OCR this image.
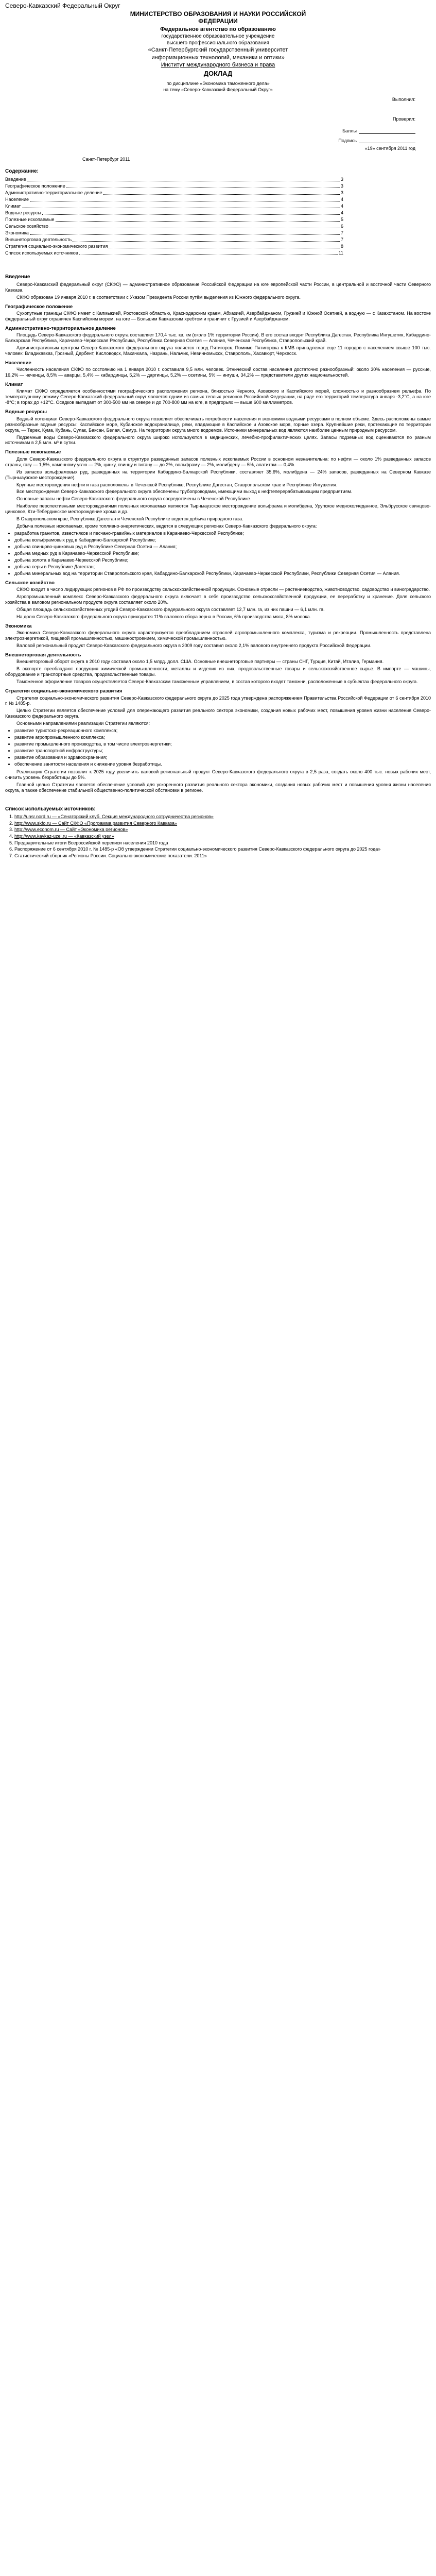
Северо-Кавказский Федеральный Округ
МИНИСТЕРСТВО ОБРАЗОВАНИЯ И НАУКИ РОССИЙСКОЙ
ФЕДЕРАЦИИ
Федеральное агентство по образованию
государственное образовательное учреждение
высшего профессионального образования
«Санкт-Петербургский государственный университет
информационных технологий, механики и оптики»
Институт международного бизнеса и права
ДОКЛАД
по дисциплине «Экономика таможенного дела»
на тему «Северо-Кавказский Федеральный Округ»
Выполнил:
Проверил:
Баллы
Подпись
«19» сентября 2011 год
Санкт-Петербург 2011
Содержание:
Введение	3
Географическое положение	3
Административно-территориальное деление	3
Население	4
Климат	4
Водные ресурсы	4
Полезные ископаемые	5
Сельское хозяйство	6
Экономика	7
Внешнеторговая деятельность	7
Стратегия социально-экономического развития	8
Список используемых источников	11
Введение

Северо-Кавказский федеральный округ (СКФО) — административное образование Российской Федерации на юге европейской части России, в центральной и восточной части Северного Кавказа.

СКФО образован 19 января 2010 г. в соответствии с Указом Президента России путём выделения из Южного федерального округа.

Географическое положение

Сухопутные границы СКФО имеет с Калмыкией, Ростовской областью, Краснодарским краем, Абхазией, Азербайджаном, Грузией и Южной Осетией, а водную — с Казахстаном. На востоке федеральный округ ограничен Каспийским морем, на юге — Большим Кавказским хребтом и граничит с Грузией и Азербайджаном.

Административно-территориальное деление

Площадь Северо-Кавказского федерального округа составляет 170,4 тыс. кв. км (около 1% территории России). В его состав входят Республика Дагестан, Республика Ингушетия, Кабардино-Балкарская Республика, Карачаево-Черкесская Республика, Республика Северная Осетия — Алания, Чеченская Республика, Ставропольский край.

Административным центром Северо-Кавказского федерального округа является город Пятигорск. Помимо Пятигорска к КМВ принадлежат еще 11 городов с населением свыше 100 тыс. человек: Владикавказ, Грозный, Дербент, Кисловодск, Махачкала, Назрань, Нальчик, Невинномысск, Ставрополь, Хасавюрт, Черкесск.

Население

Численность населения СКФО по состоянию на 1 января 2010 г. составила 9,5 млн. человек. Этнический состав населения достаточно разнообразный: около 30% населения — русские, 16,2% — чеченцы, 8,5% — аварцы, 5,4% — кабардинцы, 5,2% — даргинцы, 5,2% — осетины, 5% — ингуши, 34,2% — представители других национальностей.

Климат

Климат СКФО определяется особенностями географического расположения региона, близостью Черного, Азовского и Каспийского морей, сложностью и разнообразием рельефа. По температурному режиму Северо-Кавказский федеральный округ является одним из самых теплых регионов Российской Федерации, на ряде его территорий температура января -3,2°С, а на юге -8°С; в горах до +12°С. Осадков выпадает от 300-500 мм на севере и до 700-800 мм на юге, в предгорьях — выше 600 миллиметров.

Водные ресурсы

Водный потенциал Северо-Кавказского федерального округа позволяет обеспечивать потребности населения и экономики водными ресурсами в полном объеме. Здесь расположены самые разнообразные водные ресурсы: Каспийское море, Кубанское водохранилище, реки, впадающие в Каспийское и Азовское моря, горные озера. Крупнейшие реки, протекающие по территории округа, — Терек, Кума, Кубань, Сулак, Баксан, Белая, Самур. На территории округа много водоемов. Источники минеральных вод являются наиболее ценным природным ресурсом.

Подземные воды Северо-Кавказского федерального округа широко используются в медицинских, лечебно-профилактических целях. Запасы подземных вод оцениваются по разным источникам в 2,5 млн. м³ в сутки.

Полезные ископаемые

Доля Северо-Кавказского федерального округа в структуре разведанных запасов полезных ископаемых России в основном незначительна: по нефти — около 1% разведанных запасов страны, газу — 1,5%, каменному углю — 2%, цинку, свинцу и титану — до 2%, вольфраму — 2%, молибдену — 5%, апатитам — 0,4%.

Из запасов вольфрамовых руд, разведанных на территории Кабардино-Балкарской Республики, составляет 35,6%, молибдена — 24% запасов, разведанных на Северном Кавказе (Тырныаузское месторождение).

Крупные месторождения нефти и газа расположены в Чеченской Республике, Республике Дагестан, Ставропольском крае и Республике Ингушетия.

Все месторождения Северо-Кавказского федерального округа обеспечены трубопроводами, имеющими выход к нефтеперерабатывающим предприятиям.

Основные запасы нефти Северо-Кавказского федерального округа сосредоточены в Чеченской Республике.

Наиболее перспективными месторождениями полезных ископаемых являются Тырныаузское месторождение вольфрама и молибдена, Урупское медноколчеданное, Эльбрусское свинцово-цинковое, Кти-Тебердинское месторождение хрома и др.

В Ставропольском крае, Республике Дагестан и Чеченской Республике ведется добыча природного газа.

Добыча полезных ископаемых, кроме топливно-энергетических, ведется в следующих регионах Северо-Кавказского федерального округа:

• разработка гранитов, известняков и песчано-гравийных материалов в Карачаево-Черкесской Республике;
• добыча вольфрамовых руд в Кабардино-Балкарской Республике;
• добыча свинцово-цинковых руд в Республике Северная Осетия — Алания;
• добыча медных руд в Карачаево-Черкесской Республике;
• добыча золота в Карачаево-Черкесской Республике;
• добыча серы в Республике Дагестан;
• добыча минеральных вод на территории Ставропольского края, Кабардино-Балкарской Республики, Карачаево-Черкесской Республики, Республики Северная Осетия — Алания.
Сельское хозяйство

СКФО входит в число лидирующих регионов в РФ по производству сельскохозяйственной продукции. Основные отрасли — растениеводство, животноводство, садоводство и виноградарство.

Агропромышленный комплекс Северо-Кавказского федерального округа включает в себя производство сельскохозяйственной продукции, ее переработку и хранение. Доля сельского хозяйства в валовом региональном продукте округа составляет около 20%.

Общая площадь сельскохозяйственных угодий Северо-Кавказского федерального округа составляет 12,7 млн. га, из них пашни — 6,1 млн. га.

На долю Северо-Кавказского федерального округа приходится 11% валового сбора зерна в России, 6% производства мяса, 8% молока.

Экономика

Экономика Северо-Кавказского федерального округа характеризуется преобладанием отраслей агропромышленного комплекса, туризма и рекреации. Промышленность представлена электроэнергетикой, пищевой промышленностью, машиностроением, химической промышленностью.

Валовой региональный продукт Северо-Кавказского федерального округа в 2009 году составил около 2,1% валового внутреннего продукта Российской Федерации.

Внешнеторговая деятельность

Внешнеторговый оборот округа в 2010 году составил около 1,5 млрд. долл. США. Основные внешнеторговые партнеры — страны СНГ, Турция, Китай, Италия, Германия.

В экспорте преобладают продукция химической промышленности, металлы и изделия из них, продовольственные товары и сельскохозяйственное сырье. В импорте — машины, оборудование и транспортные средства, продовольственные товары.

Таможенное оформление товаров осуществляется Северо-Кавказским таможенным управлением, в состав которого входят таможни, расположенные в субъектах федерального округа.

Стратегия социально-экономического развития

Стратегия социально-экономического развития Северо-Кавказского федерального округа до 2025 года утверждена распоряжением Правительства Российской Федерации от 6 сентября 2010 г. № 1485-р.

Целью Стратегии является обеспечение условий для опережающего развития реального сектора экономики, создания новых рабочих мест, повышения уровня жизни населения Северо-Кавказского федерального округа.

Основными направлениями реализации Стратегии являются:

• развитие туристско-рекреационного комплекса;
• развитие агропромышленного комплекса;
• развитие промышленного производства, в том числе электроэнергетики;
• развитие транспортной инфраструктуры;
• развитие образования и здравоохранения;
• обеспечение занятости населения и снижение уровня безработицы.

Реализация Стратегии позволит к 2025 году увеличить валовой региональный продукт Северо-Кавказского федерального округа в 2,5 раза, создать около 400 тыс. новых рабочих мест, снизить уровень безработицы до 5%.

Главной целью Стратегии является обеспечение условий для ускоренного развития реального сектора экономики, создания новых рабочих мест и повышения уровня жизни населения округа, а также обеспечение стабильной общественно-политической обстановки в регионе.

Список используемых источников:
1. http://unsr.nord.ru — «Сенаторский клуб. Секция международного сотрудничества регионов»
2. http://www.skfo.ru — Сайт СКФО «Программа развития Северного Кавказа»
3. http://www.econom.ru — Сайт «Экономика регионов»
4. http://www.kavkaz-uzel.ru — «Кавказский узел»
5. Предварительные итоги Всероссийской переписи населения 2010 года
6. Распоряжение от 6 сентября 2010 г. № 1485-р «Об утверждении Стратегии социально-экономического развития Северо-Кавказского федерального округа до 2025 года»
7. Статистический сборник «Регионы России. Социально-экономические показатели. 2011»
